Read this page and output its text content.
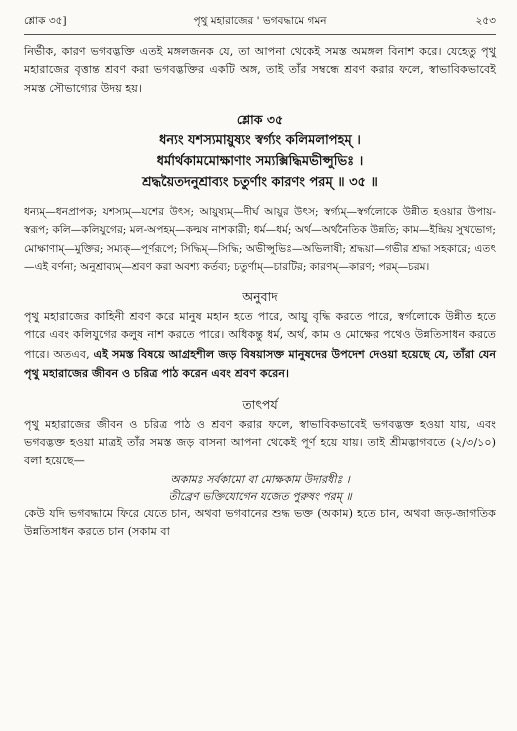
শ্লোক ৩৫]	পৃথু মহারাজের ' ভগবদ্ধামে গমন	২৫৩

নির্ভীক, কারণ ভগবদ্ভক্তি এতই মঙ্গলজনক যে, তা আপনা থেকেই সমস্ত অমঙ্গল বিনাশ করে। যেহেতু পৃথু মহারাজের বৃত্তান্ত শ্রবণ করা ভগবদ্ভক্তির একটি অঙ্গ, তাই তাঁর সম্বন্ধে শ্রবণ করার ফলে, স্বাভাবিকভাবেই সমস্ত সৌভাগ্যের উদয় হয়।

শ্লোক ৩৫
ধন্যং যশস্যমায়ুষ্যং স্বর্গ্যং কলিমলাপহম্ ।
ধর্মার্থকামমোক্ষাণাং সম্যক্সিদ্ধিমভীপ্সুভিঃ ।
শ্রদ্ধয়ৈতদনুশ্রাব্যং চতুর্ণাং কারণং পরম্ ॥ ৩৫ ॥

ধন্যম্—ধনপ্রাপক; যশস্যম্—যশের উৎস; আয়ুষ্যম্—দীর্ঘ আয়ুর উৎস; স্বর্গ্যম্—স্বর্গলোকে উন্নীত হওয়ার উপায়-স্বরূপ; কলি—কলিযুগের; মল-অপহম্—কল্মষ নাশকারী; ধর্ম—ধর্ম; অর্থ—অর্থনৈতিক উন্নতি; কাম—ইন্দ্রিয় সুখভোগ; মোক্ষাণাম্—মুক্তির; সম্যক্—পূর্ণরূপে; সিদ্ধিম্—সিদ্ধি; অভীপ্সুভিঃ—অভিলাষী; শ্রদ্ধয়া—গভীর শ্রদ্ধা সহকারে; এতৎ—এই বর্ণনা; অনুশ্রাব্যম্—শ্রবণ করা অবশ্য কর্তব্য; চতুর্ণাম্—চারটির; কারণম্—কারণ; পরম্—চরম।

অনুবাদ

পৃথু মহারাজের কাহিনী শ্রবণ করে মানুষ মহান হতে পারে, আয়ু বৃদ্ধি করতে পারে, স্বর্গলোকে উন্নীত হতে পারে এবং কলিযুগের কলুষ নাশ করতে পারে। অধিকন্তু ধর্ম, অর্থ, কাম ও মোক্ষের পথেও উন্নতিসাধন করতে পারে। অতএব, এই সমস্ত বিষয়ে আগ্রহশীল জড় বিষয়াসক্ত মানুষদের উপদেশ দেওয়া হয়েছে যে, তাঁরা যেন পৃথু মহারাজের জীবন ও চরিত্র পাঠ করেন এবং শ্রবণ করেন।

তাৎপর্য

পৃথু মহারাজের জীবন ও চরিত্র পাঠ ও শ্রবণ করার ফলে, স্বাভাবিকভাবেই ভগবদ্ভক্ত হওয়া যায়, এবং ভগবদ্ভক্ত হওয়া মাত্রই তাঁর সমস্ত জড় বাসনা আপনা থেকেই পূর্ণ হয়ে যায়। তাই শ্রীমদ্ভাগবতে (২/৩/১০) বলা হয়েছে—

অকামঃ সর্বকামো বা মোক্ষকাম উদারধীঃ ।
তীব্রেণ ভক্তিযোগেন যজেত পুরুষং পরম্ ॥

কেউ যদি ভগবদ্ধামে ফিরে যেতে চান, অথবা ভগবানের শুদ্ধ ভক্ত (অকাম) হতে চান, অথবা জড়-জাগতিক উন্নতিসাধন করতে চান (সকাম বা
